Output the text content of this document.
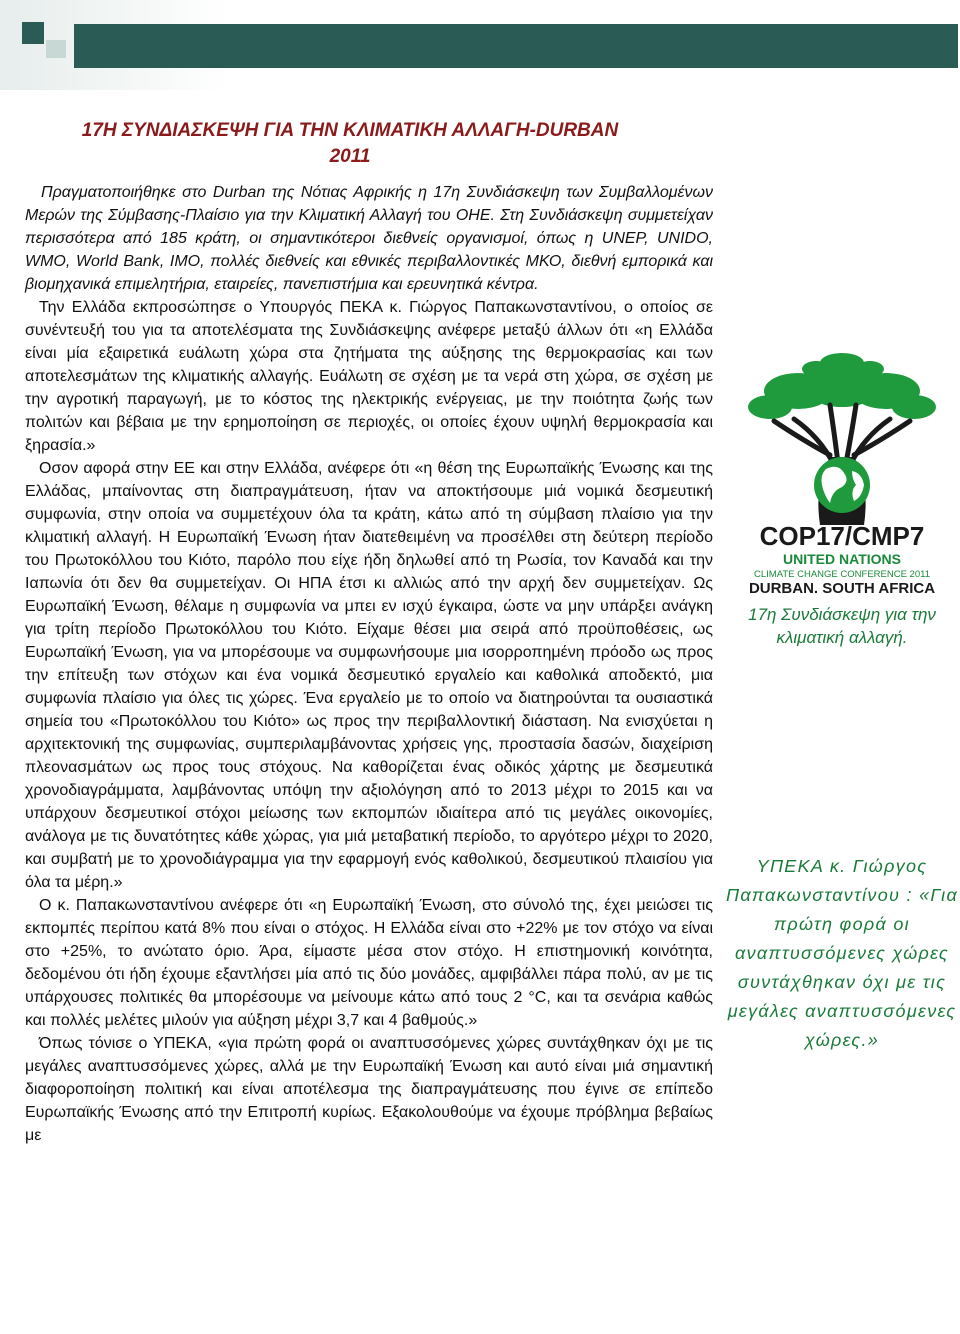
17Η ΣΥΝΔΙΑΣΚΕΨΗ ΓΙΑ ΤΗΝ ΚΛΙΜΑΤΙΚΗ ΑΛΛΑΓΗ-DURBAN
2011

Πραγματοποιήθηκε στο Durban της Νότιας Αφρικής η 17η Συνδιάσκεψη των Συμβαλλομένων Μερών της Σύμβασης-Πλαίσιο για την Κλιματική Αλλαγή του ΟΗΕ. Στη Συνδιάσκεψη συμμετείχαν περισσότερα από 185 κράτη, οι σημαντικότεροι διεθνείς οργανισμοί, όπως η UNEP, UNIDO, WMO, World Bank, IMO, πολλές διεθνείς και εθνικές περιβαλλοντικές ΜΚΟ, διεθνή εμπορικά και βιομηχανικά επιμελητήρια, εταιρείες, πανεπιστήμια και ερευνητικά κέντρα.

Την Ελλάδα εκπροσώπησε ο Υπουργός ΠΕΚΑ κ. Γιώργος Παπακωνσταντίνου, ο οποίος σε συνέντευξή του για τα αποτελέσματα της Συνδιάσκεψης ανέφερε μεταξύ άλλων ότι «η Ελλάδα είναι μία εξαιρετικά ευάλωτη χώρα στα ζητήματα της αύξησης της θερμοκρασίας και των αποτελεσμάτων της κλιματικής αλλαγής. Ευάλωτη σε σχέση με τα νερά στη χώρα, σε σχέση με την αγροτική παραγωγή, με το κόστος της ηλεκτρικής ενέργειας, με την ποιότητα ζωής των πολιτών και βέβαια με την ερημοποίηση σε περιοχές, οι οποίες έχουν υψηλή θερμοκρασία και ξηρασία.»

Οσον αφορά στην ΕΕ και στην Ελλάδα, ανέφερε ότι «η θέση της Ευρωπαϊκής Ένωσης και της Ελλάδας, μπαίνοντας στη διαπραγμάτευση, ήταν να αποκτήσουμε μιά νομικά δεσμευτική συμφωνία, στην οποία να συμμετέχουν όλα τα κράτη, κάτω από τη σύμβαση πλαίσιο για την κλιματική αλλαγή. Η Ευρωπαϊκή Ένωση ήταν διατεθειμένη να προσέλθει στη δεύτερη περίοδο του Πρωτοκόλλου του Κιότο, παρόλο που είχε ήδη δηλωθεί από τη Ρωσία, τον Καναδά και την Ιαπωνία ότι δεν θα συμμετείχαν. Οι ΗΠΑ έτσι κι αλλιώς από την αρχή δεν συμμετείχαν. Ως Ευρωπαϊκή Ένωση, θέλαμε η συμφωνία να μπει εν ισχύ έγκαιρα, ώστε να μην υπάρξει ανάγκη για τρίτη περίοδο Πρωτοκόλλου του Κιότο. Είχαμε θέσει μια σειρά από προϋποθέσεις, ως Ευρωπαϊκή Ένωση, για να μπορέσουμε να συμφωνήσουμε μια ισορροπημένη πρόοδο ως προς την επίτευξη των στόχων και ένα νομικά δεσμευτικό εργαλείο και καθολικά αποδεκτό, μια συμφωνία πλαίσιο για όλες τις χώρες. Ένα εργαλείο με το οποίο να διατηρούνται τα ουσιαστικά σημεία του «Πρωτοκόλλου του Κιότο» ως προς την περιβαλλοντική διάσταση. Να ενισχύεται η αρχιτεκτονική της συμφωνίας, συμπεριλαμβάνοντας χρήσεις γης, προστασία δασών, διαχείριση πλεονασμάτων ως προς τους στόχους. Να καθορίζεται ένας οδικός χάρτης με δεσμευτικά χρονοδιαγράμματα, λαμβάνοντας υπόψη την αξιολόγηση από το 2013 μέχρι το 2015 και να υπάρχουν δεσμευτικοί στόχοι μείωσης των εκπομπών ιδιαίτερα από τις μεγάλες οικονομίες, ανάλογα με τις δυνατότητες κάθε χώρας, για μιά μεταβατική περίοδο, το αργότερο μέχρι το 2020, και συμβατή με το χρονοδιάγραμμα για την εφαρμογή ενός καθολικού, δεσμευτικού πλαισίου για όλα τα μέρη.»

Ο κ. Παπακωνσταντίνου ανέφερε ότι «η Ευρωπαϊκή Ένωση, στο σύνολό της, έχει μειώσει τις εκπομπές περίπου κατά 8% που είναι ο στόχος. Η Ελλάδα είναι στο +22% με τον στόχο να είναι στο +25%, το ανώτατο όριο. Άρα, είμαστε μέσα στον στόχο. Η επιστημονική κοινότητα, δεδομένου ότι ήδη έχουμε εξαντλήσει μία από τις δύο μονάδες, αμφιβάλλει πάρα πολύ, αν με τις υπάρχουσες πολιτικές θα μπορέσουμε να μείνουμε κάτω από τους 2 °C, και τα σενάρια καθώς και πολλές μελέτες μιλούν για αύξηση μέχρι 3,7 και 4 βαθμούς.»

Όπως τόνισε ο ΥΠΕΚΑ, «για πρώτη φορά οι αναπτυσσόμενες χώρες συντάχθηκαν όχι με τις μεγάλες αναπτυσσόμενες χώρες, αλλά με την Ευρωπαϊκή Ένωση και αυτό είναι μιά σημαντική διαφοροποίηση πολιτική και είναι αποτέλεσμα της διαπραγμάτευσης που έγινε σε επίπεδο Ευρωπαϊκής Ένωσης από την Επιτροπή κυρίως. Εξακολουθούμε να έχουμε πρόβλημα βεβαίως με

COP17/CMP7
UNITED NATIONS
CLIMATE CHANGE CONFERENCE 2011
DURBAN. SOUTH AFRICA
17η Συνδιάσκεψη για την κλιματική αλλαγή.
ΥΠΕΚΑ κ. Γιώργος Παπακωνσταντίνου : «Για πρώτη φορά οι αναπτυσσόμενες χώρες συντάχθηκαν όχι με τις μεγάλες αναπτυσσόμενες χώρες.»
